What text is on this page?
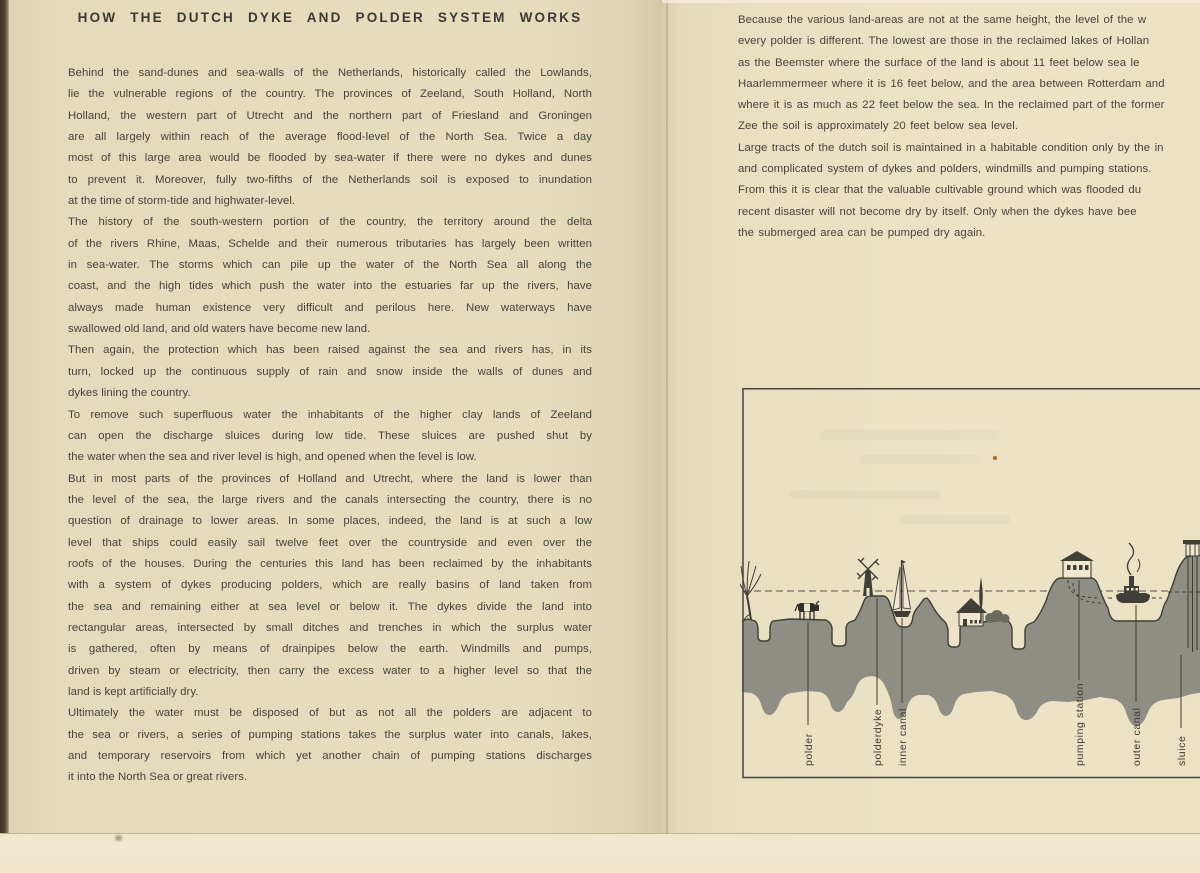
HOW THE DUTCH DYKE AND POLDER SYSTEM WORKS
Behind the sand-dunes and sea-walls of the Netherlands, historically called the Lowlands,
lie the vulnerable regions of the country. The provinces of Zeeland, South Holland, North
Holland, the western part of Utrecht and the northern part of Friesland and Groningen
are all largely within reach of the average flood-level of the North Sea. Twice a day
most of this large area would be flooded by sea-water if there were no dykes and dunes
to prevent it. Moreover, fully two-fifths of the Netherlands soil is exposed to inundation
at the time of storm-tide and highwater-level.
The history of the south-western portion of the country, the territory around the delta
of the rivers Rhine, Maas, Schelde and their numerous tributaries has largely been written
in sea-water. The storms which can pile up the water of the North Sea all along the
coast, and the high tides which push the water into the estuaries far up the rivers, have
always made human existence very difficult and perilous here. New waterways have
swallowed old land, and old waters have become new land.
Then again, the protection which has been raised against the sea and rivers has, in its
turn, locked up the continuous supply of rain and snow inside the walls of dunes and
dykes lining the country.
To remove such superfluous water the inhabitants of the higher clay lands of Zeeland
can open the discharge sluices during low tide. These sluices are pushed shut by
the water when the sea and river level is high, and opened when the level is low.
But in most parts of the provinces of Holland and Utrecht, where the land is lower than
the level of the sea, the large rivers and the canals intersecting the country, there is no
question of drainage to lower areas. In some places, indeed, the land is at such a low
level that ships could easily sail twelve feet over the countryside and even over the
roofs of the houses. During the centuries this land has been reclaimed by the inhabitants
with a system of dykes producing polders, which are really basins of land taken from
the sea and remaining either at sea level or below it. The dykes divide the land into
rectangular areas, intersected by small ditches and trenches in which the surplus water
is gathered, often by means of drainpipes below the earth. Windmills and pumps,
driven by steam or electricity, then carry the excess water to a higher level so that the
land is kept artificially dry.
Ultimately the water must be disposed of but as not all the polders are adjacent to
the sea or rivers, a series of pumping stations takes the surplus water into canals, lakes,
and temporary reservoirs from which yet another chain of pumping stations discharges
it into the North Sea or great rivers.
Because the various land-areas are not at the same height, the level of the w
every polder is different. The lowest are those in the reclaimed lakes of Hollan
as the Beemster where the surface of the land is about 11 feet below sea le
Haarlemmermeer where it is 16 feet below, and the area between Rotterdam and
where it is as much as 22 feet below the sea. In the reclaimed part of the former
Zee the soil is approximately 20 feet below sea level.
Large tracts of the dutch soil is maintained in a habitable condition only by the in
and complicated system of dykes and polders, windmills and pumping stations.
From this it is clear that the valuable cultivable ground which was flooded du
recent disaster will not become dry by itself. Only when the dykes have bee
the submerged area can be pumped dry again.
polder	polderdyke inner canal	pumping station	outer canal	sluice
